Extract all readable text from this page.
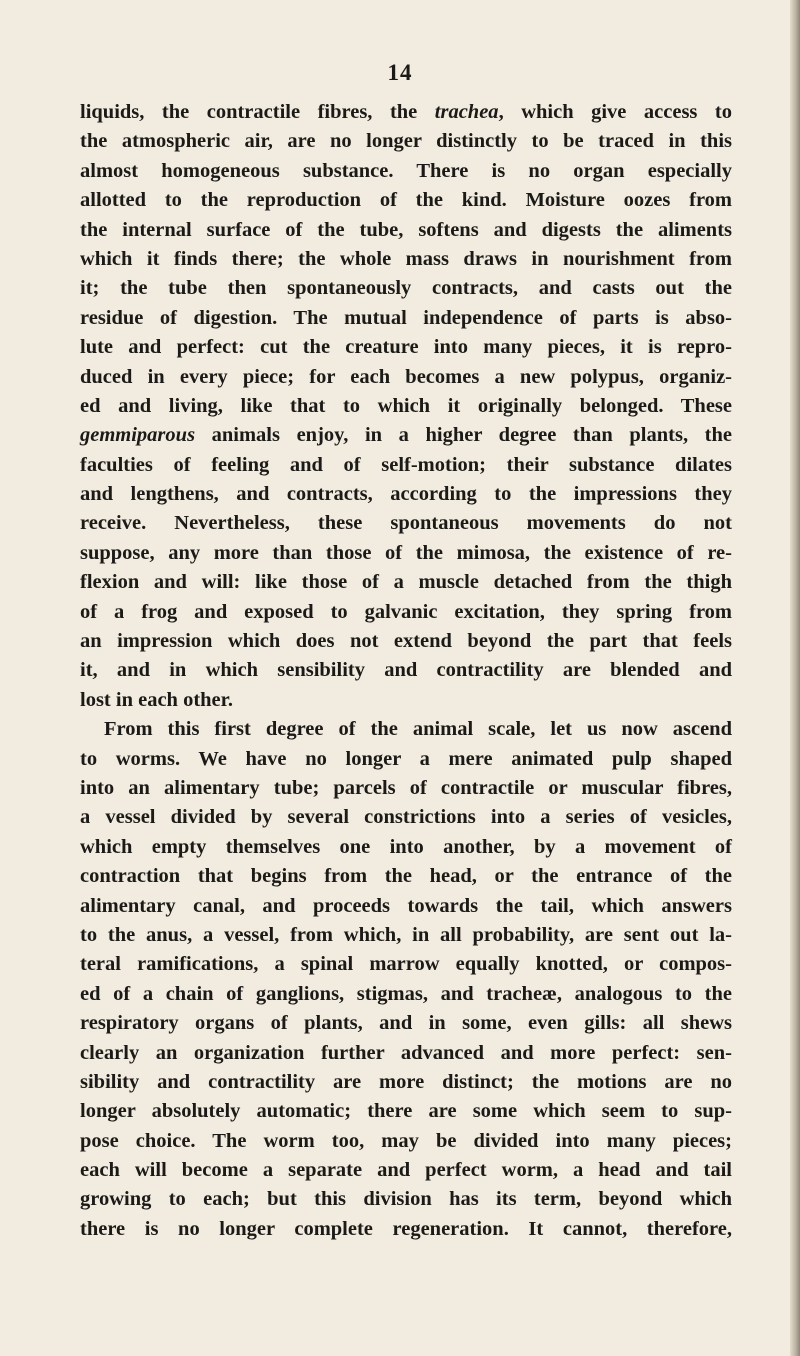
14
liquids, the contractile fibres, the trachea, which give access to
the atmospheric air, are no longer distinctly to be traced in this
almost homogeneous substance. There is no organ especially
allotted to the reproduction of the kind. Moisture oozes from
the internal surface of the tube, softens and digests the aliments
which it finds there; the whole mass draws in nourishment from
it; the tube then spontaneously contracts, and casts out the
residue of digestion. The mutual independence of parts is abso-
lute and perfect: cut the creature into many pieces, it is repro-
duced in every piece; for each becomes a new polypus, organiz-
ed and living, like that to which it originally belonged. These
gemmiparous animals enjoy, in a higher degree than plants, the
faculties of feeling and of self-motion; their substance dilates
and lengthens, and contracts, according to the impressions they
receive. Nevertheless, these spontaneous movements do not
suppose, any more than those of the mimosa, the existence of re-
flexion and will: like those of a muscle detached from the thigh
of a frog and exposed to galvanic excitation, they spring from
an impression which does not extend beyond the part that feels
it, and in which sensibility and contractility are blended and
lost in each other.
From this first degree of the animal scale, let us now ascend
to worms. We have no longer a mere animated pulp shaped
into an alimentary tube; parcels of contractile or muscular fibres,
a vessel divided by several constrictions into a series of vesicles,
which empty themselves one into another, by a movement of
contraction that begins from the head, or the entrance of the
alimentary canal, and proceeds towards the tail, which answers
to the anus, a vessel, from which, in all probability, are sent out la-
teral ramifications, a spinal marrow equally knotted, or compos-
ed of a chain of ganglions, stigmas, and tracheæ, analogous to the
respiratory organs of plants, and in some, even gills: all shews
clearly an organization further advanced and more perfect: sen-
sibility and contractility are more distinct; the motions are no
longer absolutely automatic; there are some which seem to sup-
pose choice. The worm too, may be divided into many pieces;
each will become a separate and perfect worm, a head and tail
growing to each; but this division has its term, beyond which
there is no longer complete regeneration. It cannot, therefore,
